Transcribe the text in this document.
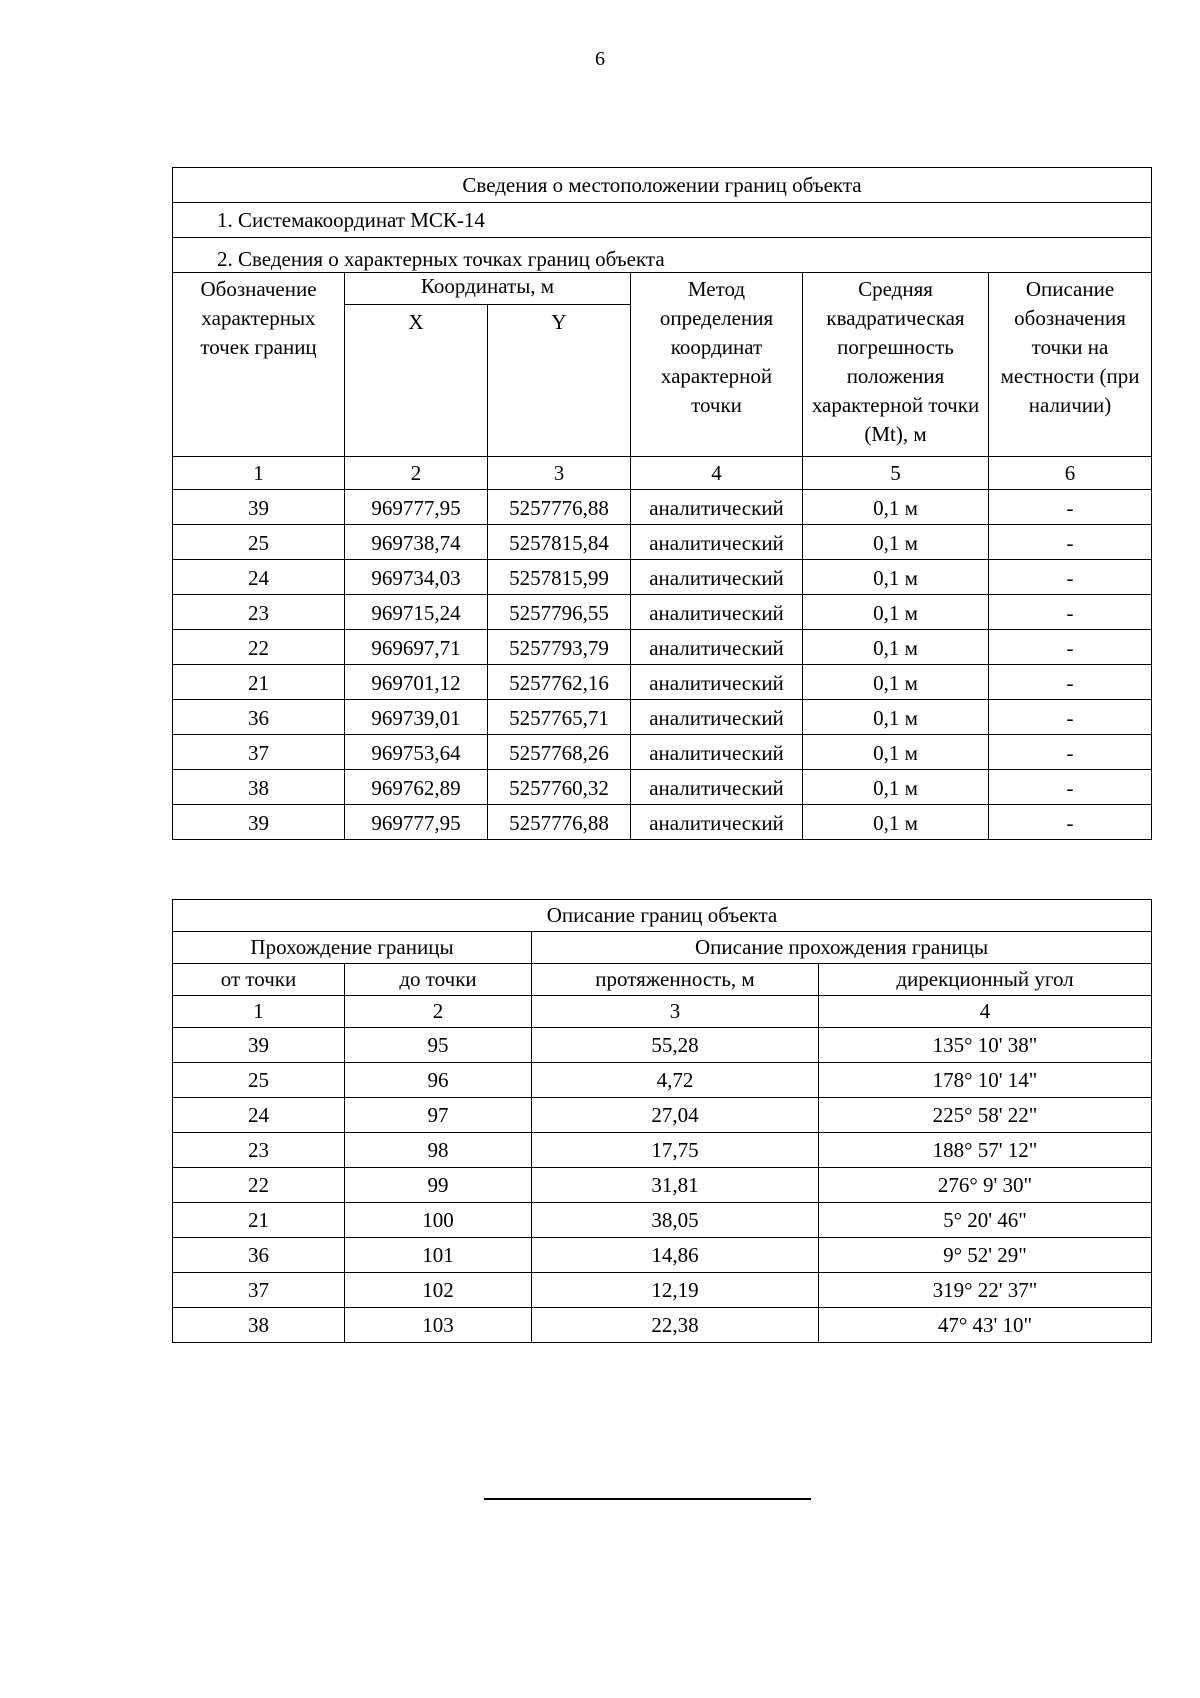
6
Сведения о местоположении границ объекта					
1. Системакоординат МСК-14					
2. Сведения о характерных точках границ объекта					
Обозначение характерных точек границ	Координаты, м		Метод определения координат характерной точки	Средняя квадратическая погрешность положения характерной точки (Mt), м	Описание обозначения точки на местности (при наличии)
	X	Y			
1	2	3	4	5	6
39	969777,95	5257776,88	аналитический	0,1 м	-
25	969738,74	5257815,84	аналитический	0,1 м	-
24	969734,03	5257815,99	аналитический	0,1 м	-
23	969715,24	5257796,55	аналитический	0,1 м	-
22	969697,71	5257793,79	аналитический	0,1 м	-
21	969701,12	5257762,16	аналитический	0,1 м	-
36	969739,01	5257765,71	аналитический	0,1 м	-
37	969753,64	5257768,26	аналитический	0,1 м	-
38	969762,89	5257760,32	аналитический	0,1 м	-
39	969777,95	5257776,88	аналитический	0,1 м	-
Описание границ объекта			
Прохождение границы		Описание прохождения границы	
от точки	до точки	протяженность, м	дирекционный угол
1	2	3	4
39	95	55,28	135° 10' 38"
25	96	4,72	178° 10' 14"
24	97	27,04	225° 58' 22"
23	98	17,75	188° 57' 12"
22	99	31,81	276° 9' 30"
21	100	38,05	5° 20' 46"
36	101	14,86	9° 52' 29"
37	102	12,19	319° 22' 37"
38	103	22,38	47° 43' 10"
